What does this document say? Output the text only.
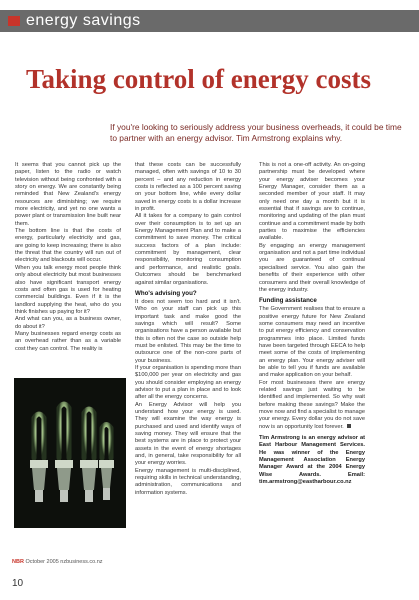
energy savings
Taking control of energy costs
If you're looking to seriously address your business overheads, it could be time to partner with an energy advisor. Tim Armstrong explains why.

It seems that you cannot pick up the paper, listen to the radio or watch television without being confronted with a story on energy. We are constantly being reminded that New Zealand's energy resources are diminishing; we require more electricity, and yet no one wants a power plant or transmission line built near them.

The bottom line is that the costs of energy, particularly electricity and gas, are going to keep increasing; there is also the threat that the country will run out of electricity and blackouts will occur.

When you talk energy most people think only about electricity but most businesses also have significant transport energy costs and often gas is used for heating commercial buildings. Even if it is the landlord supplying the heat, who do you think finishes up paying for it?

And what can you, as a business owner, do about it?

Many businesses regard energy costs as an overhead rather than as a variable cost they can control. The reality is

that these costs can be successfully managed, often with savings of 10 to 30 percent – and any reduction in energy costs is reflected as a 100 percent saving on your bottom line, while every dollar saved in energy costs is a dollar increase in profit.

All it takes for a company to gain control over their consumption is to set up an Energy Management Plan and to make a commitment to save money. The critical success factors of a plan include: commitment by management, clear responsibility, monitoring consumption and performance, and realistic goals. Outcomes should be benchmarked against similar organisations.

Who's advising you?

It does not seem too hard and it isn't. Who on your staff can pick up this important task and make good the savings which will result? Some organisations have a person available but this is often not the case so outside help must be enlisted. This may be the time to outsource one of the non-core parts of your business.

If your organisation is spending more than $100,000 per year on electricity and gas you should consider employing an energy advisor to put a plan in place and to look after all the energy concerns.

An Energy Advisor will help you understand how your energy is used. They will examine the way energy is purchased and used and identify ways of saving money. They will ensure that the best systems are in place to protect your assets in the event of energy shortages and, in general, take responsibility for all your energy worries.

Energy management is multi-disciplined, requiring skills in technical understanding, administration, communications and information systems.

This is not a one-off activity. An on-going partnership must be developed where your energy adviser becomes your Energy Manager, consider them as a seconded member of your staff. It may only need one day a month but it is essential that if savings are to continue, monitoring and updating of the plan must continue and a commitment made by both parties to maximise the efficiencies available.

By engaging an energy management organisation and not a part time individual you are guaranteed of continual specialised service. You also gain the benefits of their experience with other consumers and their overall knowledge of the energy industry.

Funding assistance

The Government realises that to ensure a positive energy future for New Zealand some consumers may need an incentive to put energy efficiency and conservation programmes into place. Limited funds have been targeted through EECA to help meet some of the costs of implementing an energy plan. Your energy adviser will be able to tell you if funds are available and make application on your behalf.

For most businesses there are energy related savings just waiting to be identified and implemented. So why wait before making these savings? Make the move now and find a specialist to manage your energy. Every dollar you do not save now is an opportunity lost forever.

Tim Armstrong is an energy advisor at East Harbour Management Services. He was winner of the Energy Management Association Energy Manager Award at the 2004 Energy Wise Awards. Email: tim.armstrong@eastharbour.co.nz

NBR October 2005 nzbusiness.co.nz
10
